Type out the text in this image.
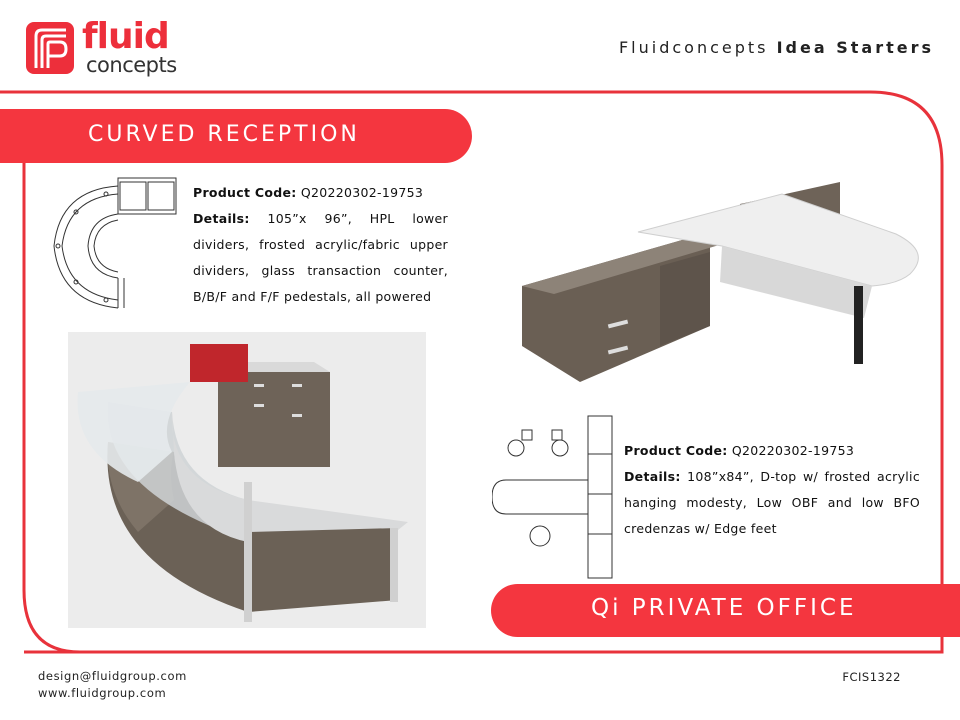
fluid
concepts
Fluidconcepts Idea Starters
CURVED RECEPTION
Product Code: Q20220302-19753
Details: 105”x 96”, HPL lower dividers, frosted acrylic/fabric upper dividers, glass transaction counter, B/B/F and F/F pedestals, all powered
Product Code: Q20220302-19753
Details: 108”x84”, D-top w/ frosted acrylic hanging modesty, Low OBF and low BFO credenzas w/ Edge feet
Qi PRIVATE OFFICE
design@fluidgroup.com
www.fluidgroup.com
FCIS1322
